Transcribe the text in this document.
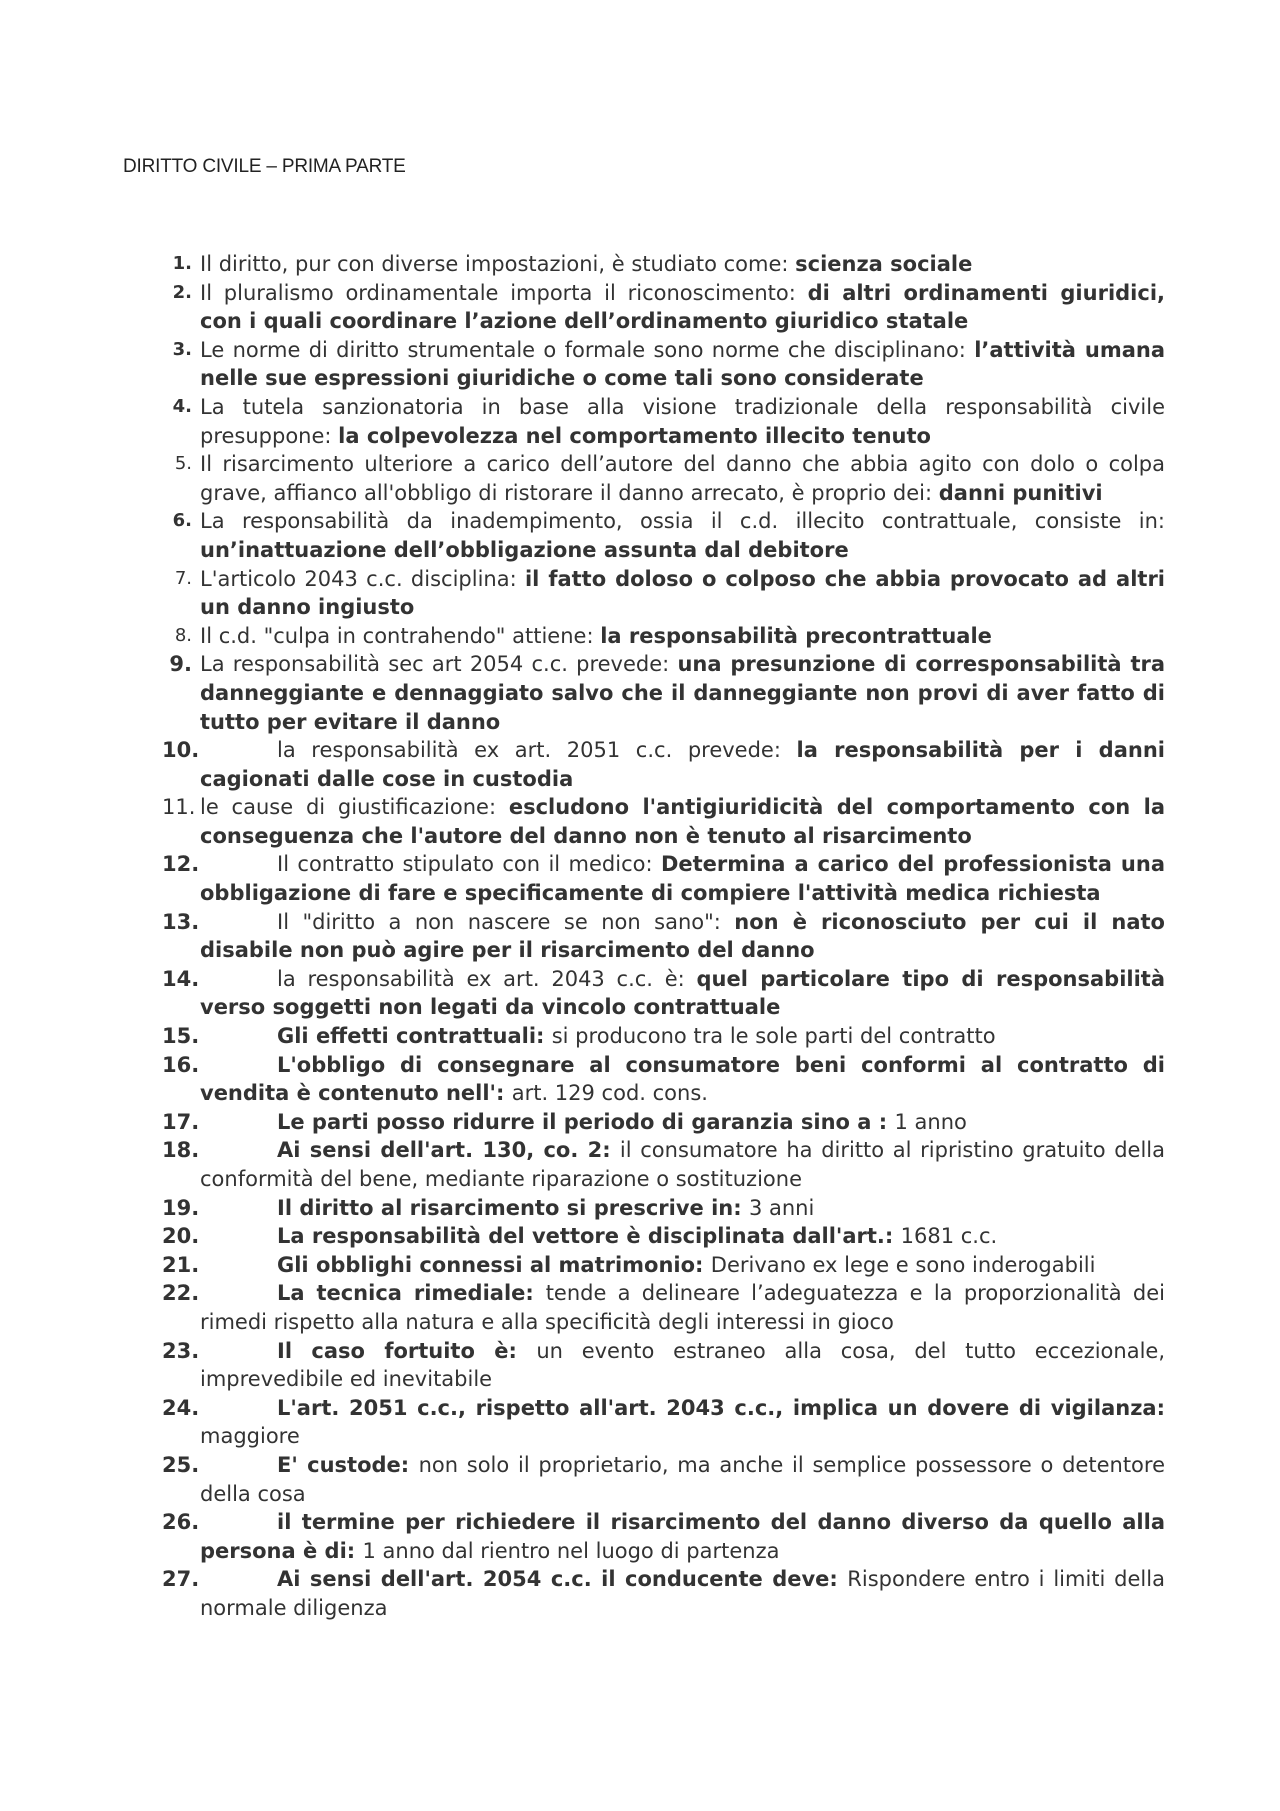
DIRITTO CIVILE – PRIMA PARTE
1. Il diritto, pur con diverse impostazioni, è studiato come: scienza sociale
2. Il pluralismo ordinamentale importa il riconoscimento: di altri ordinamenti giuridici, con i quali coordinare l’azione dell’ordinamento giuridico statale
3. Le norme di diritto strumentale o formale sono norme che disciplinano: l’attività umana nelle sue espressioni giuridiche o come tali sono considerate
4. La tutela sanzionatoria in base alla visione tradizionale della responsabilità civile presuppone: la colpevolezza nel comportamento illecito tenuto
5. Il risarcimento ulteriore a carico dell’autore del danno che abbia agito con dolo o colpa grave, affianco all'obbligo di ristorare il danno arrecato, è proprio dei: danni punitivi
6. La responsabilità da inadempimento, ossia il c.d. illecito contrattuale, consiste in: un’inattuazione dell’obbligazione assunta dal debitore
7. L'articolo 2043 c.c. disciplina: il fatto doloso o colposo che abbia provocato ad altri un danno ingiusto
8. Il c.d. "culpa in contrahendo" attiene: la responsabilità precontrattuale
9. La responsabilità sec art 2054 c.c. prevede: una presunzione di corresponsabilità tra danneggiante e dennaggiato salvo che il danneggiante non provi di aver fatto di tutto per evitare il danno
10.	la responsabilità ex art. 2051 c.c. prevede: la responsabilità per i danni cagionati dalle cose in custodia
11. le cause di giustificazione: escludono l'antigiuridicità del comportamento con la conseguenza che l'autore del danno non è tenuto al risarcimento
12.	Il contratto stipulato con il medico: Determina a carico del professionista una obbligazione di fare e specificamente di compiere l'attività medica richiesta
13.	Il "diritto a non nascere se non sano": non è riconosciuto per cui il nato disabile non può agire per il risarcimento del danno
14.	la responsabilità ex art. 2043 c.c. è: quel particolare tipo di responsabilità verso soggetti non legati da vincolo contrattuale
15.	Gli effetti contrattuali: si producono tra le sole parti del contratto
16.	L'obbligo di consegnare al consumatore beni conformi al contratto di vendita è contenuto nell': art. 129 cod. cons.
17.	Le parti posso ridurre il periodo di garanzia sino a : 1 anno
18.	Ai sensi dell'art. 130, co. 2: il consumatore ha diritto al ripristino gratuito della conformità del bene, mediante riparazione o sostituzione
19.	Il diritto al risarcimento si prescrive in: 3 anni
20.	La responsabilità del vettore è disciplinata dall'art.: 1681 c.c.
21.	Gli obblighi connessi al matrimonio: Derivano ex lege e sono inderogabili
22.	La tecnica rimediale: tende a delineare l’adeguatezza e la proporzionalità dei rimedi rispetto alla natura e alla specificità degli interessi in gioco
23.	Il caso fortuito è: un evento estraneo alla cosa, del tutto eccezionale, imprevedibile ed inevitabile
24.	L'art. 2051 c.c., rispetto all'art. 2043 c.c., implica un dovere di vigilanza: maggiore
25.	E' custode: non solo il proprietario, ma anche il semplice possessore o detentore della cosa
26.	il termine per richiedere il risarcimento del danno diverso da quello alla persona è di: 1 anno dal rientro nel luogo di partenza
27.	Ai sensi dell'art. 2054 c.c. il conducente deve: Rispondere entro i limiti della normale diligenza
